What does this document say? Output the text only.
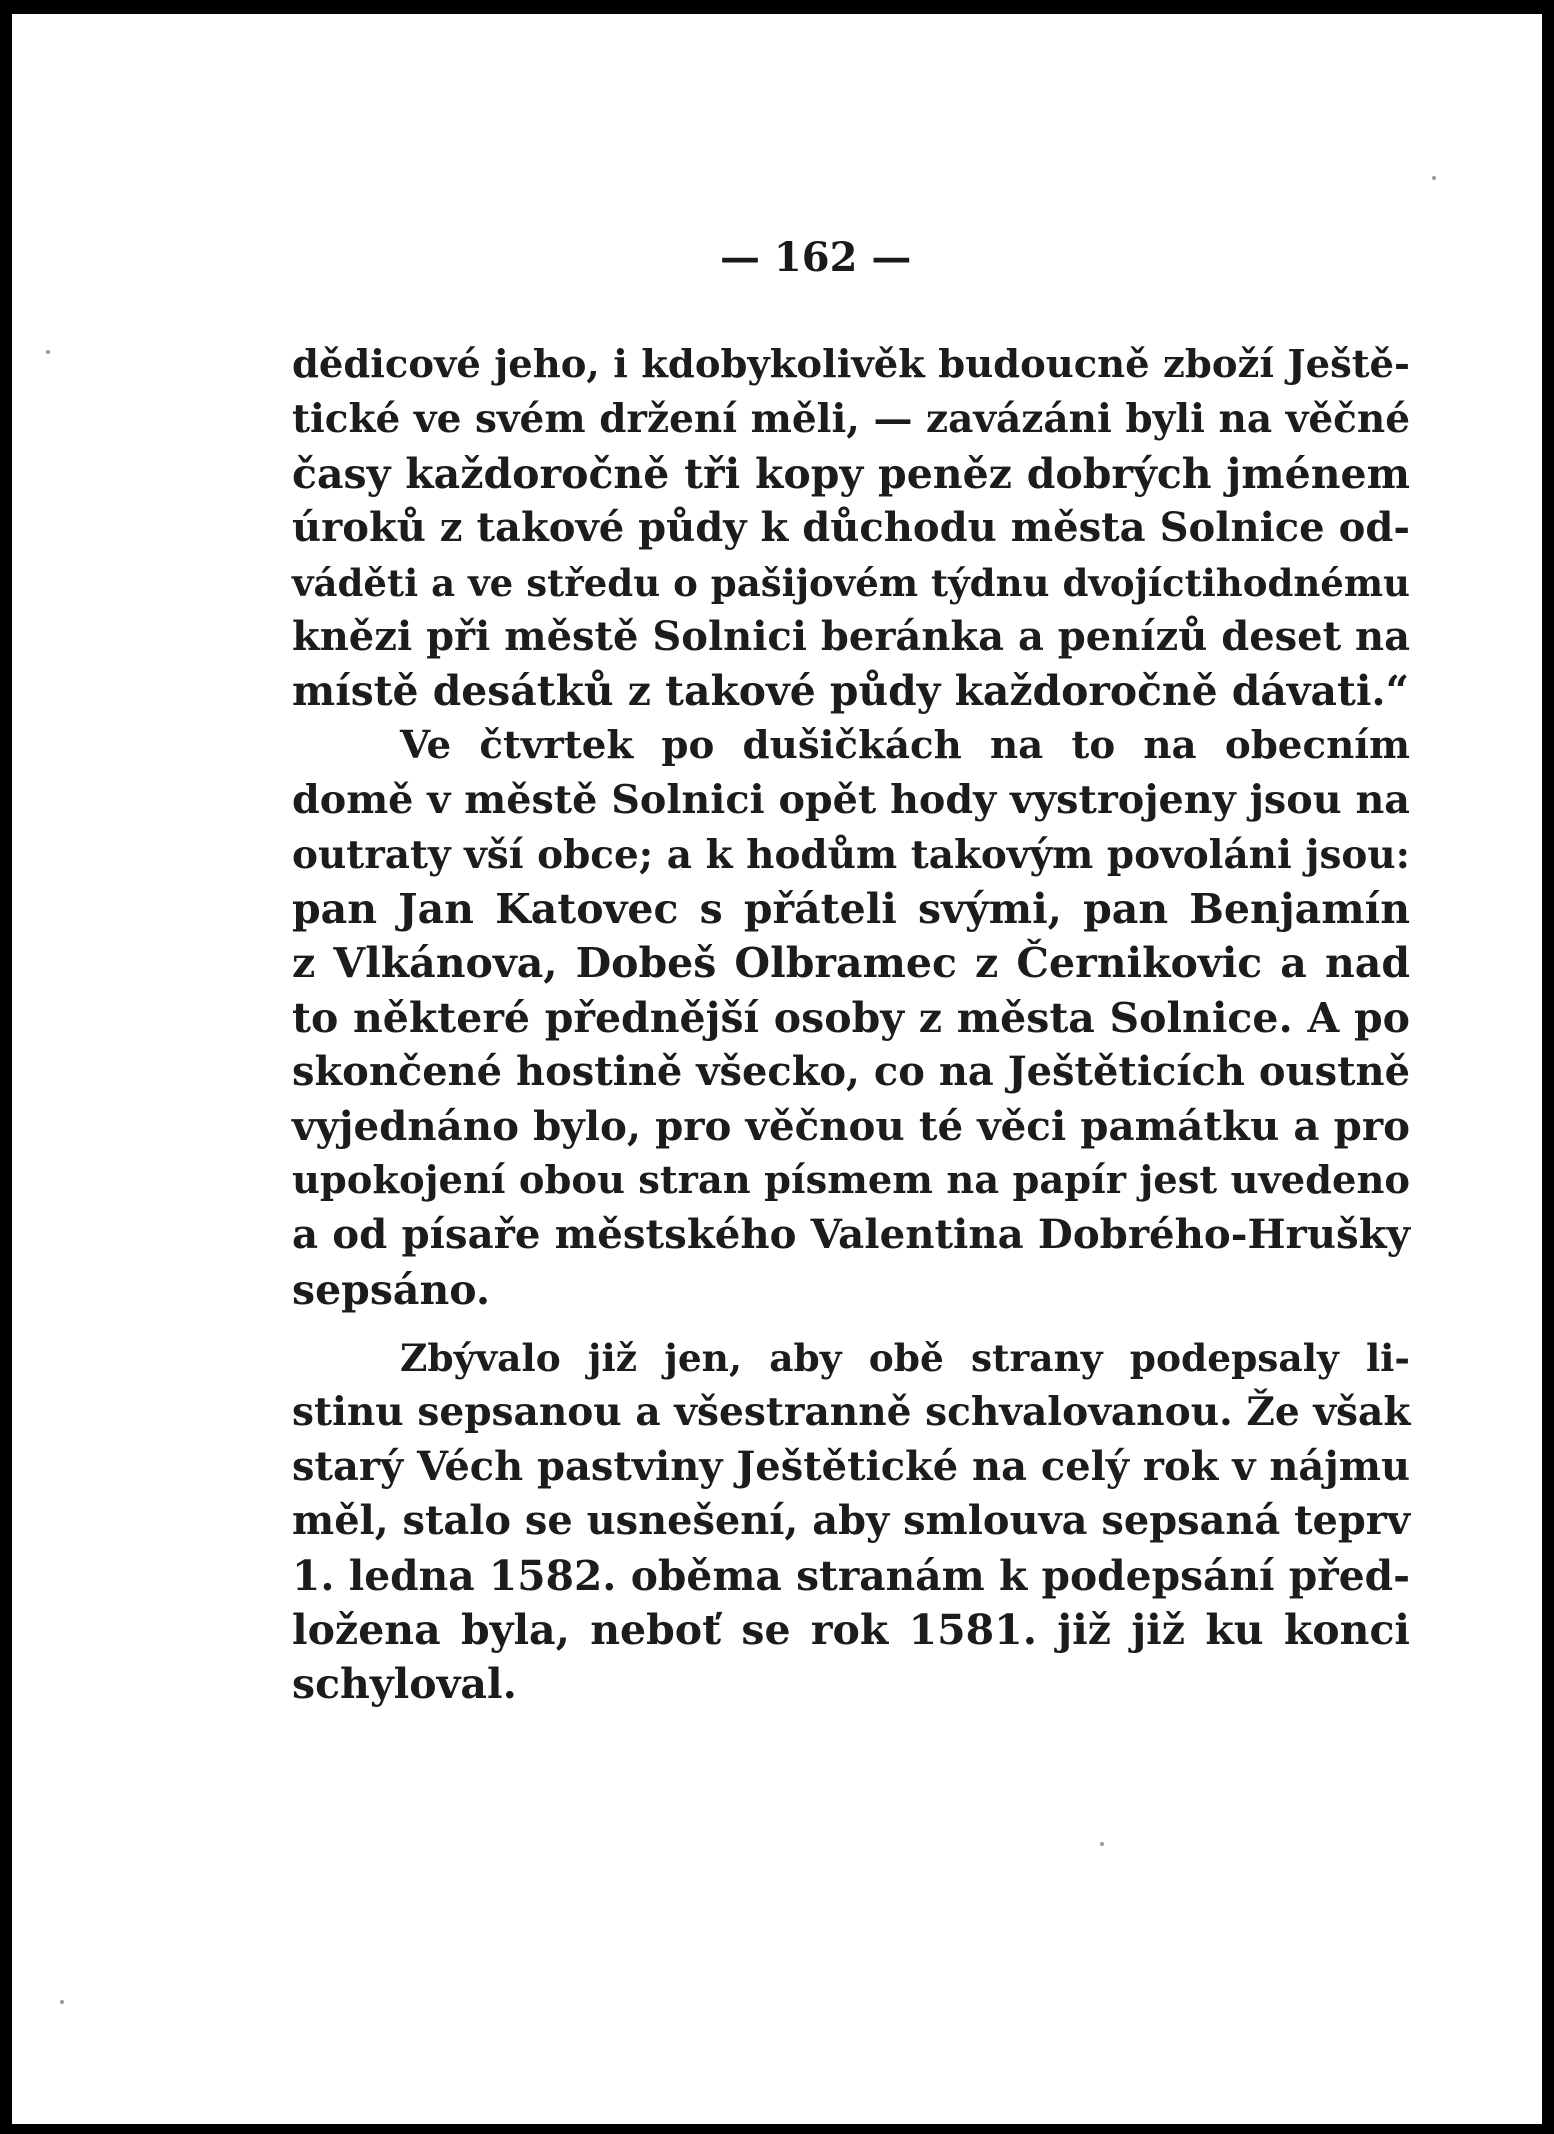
— 162 —
dědicové jeho, i kdobykolivěk budoucně zboží Ještě-
tické ve svém držení měli, — zavázáni byli na věčné
časy každoročně tři kopy peněz dobrých jménem
úroků z takové půdy k důchodu města Solnice od-
váděti a ve středu o pašijovém týdnu dvojíctihodnému
knězi při městě Solnici beránka a penízů deset na
místě desátků z takové půdy každoročně dávati.“
Ve čtvrtek po dušičkách na to na obecním
domě v městě Solnici opět hody vystrojeny jsou na
outraty vší obce; a k hodům takovým povoláni jsou:
pan Jan Katovec s přáteli svými, pan Benjamín
z Vlkánova, Dobeš Olbramec z Černikovic a nad
to některé přednější osoby z města Solnice. A po
skončené hostině všecko, co na Ještěticích oustně
vyjednáno bylo, pro věčnou té věci památku a pro
upokojení obou stran písmem na papír jest uvedeno
a od písaře městského Valentina Dobrého-Hrušky
sepsáno.
Zbývalo již jen, aby obě strany podepsaly li-
stinu sepsanou a všestranně schvalovanou. Že však
starý Véch pastviny Ještětické na celý rok v nájmu
měl, stalo se usnešení, aby smlouva sepsaná teprv
1. ledna 1582. oběma stranám k podepsání před-
ložena byla, neboť se rok 1581. již již ku konci
schyloval.
